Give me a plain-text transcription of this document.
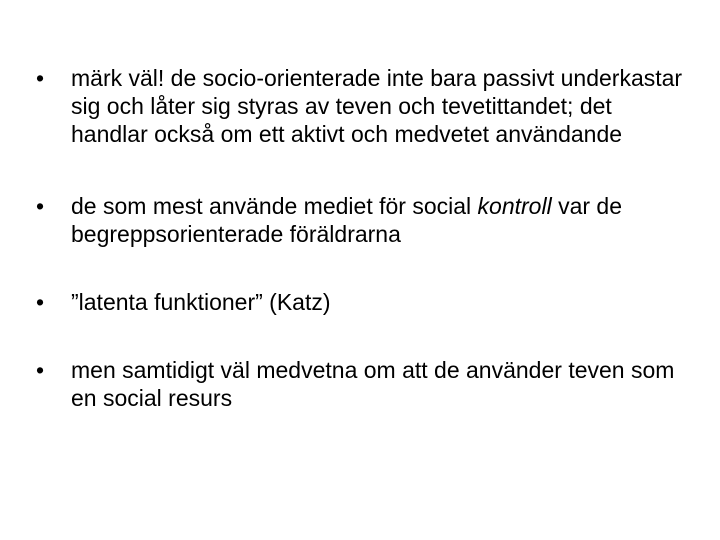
•	märk väl! de socio-orienterade inte bara passivt underkastar sig och låter sig styras av teven och tevetittandet; det handlar också om ett aktivt och medvetet användande
•	de som mest använde mediet för social kontroll var de begreppsorienterade föräldrarna
•	”latenta funktioner” (Katz)
•	men samtidigt väl medvetna om att de använder teven som en social resurs
